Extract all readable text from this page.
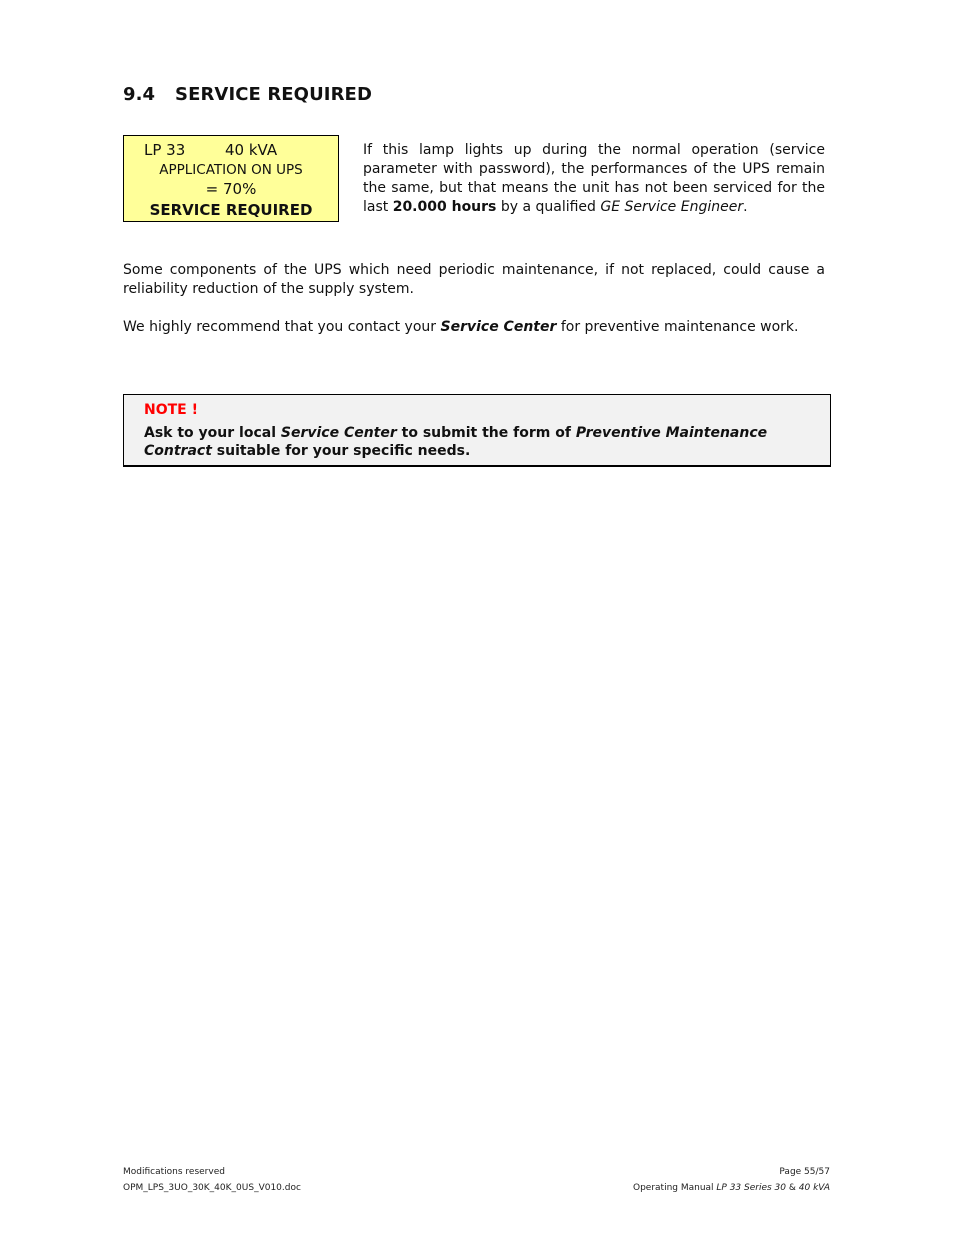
9.4 SERVICE REQUIRED
LP 33	40 kVA
APPLICATION ON UPS
= 70%
SERVICE REQUIRED
If this lamp lights up during the normal operation (service parameter with password), the performances of the UPS remain the same, but that means the unit has not been serviced for the last 20.000 hours by a qualified GE Service Engineer.
Some components of the UPS which need periodic maintenance, if not replaced, could cause a reliability reduction of the supply system.
We highly recommend that you contact your Service Center for preventive maintenance work.
NOTE !
Ask to your local Service Center to submit the form of Preventive Maintenance Contract suitable for your specific needs.
Modifications reserved
OPM_LPS_3UO_30K_40K_0US_V010.doc
Page 55/57
Operating Manual LP 33 Series 30 & 40 kVA
